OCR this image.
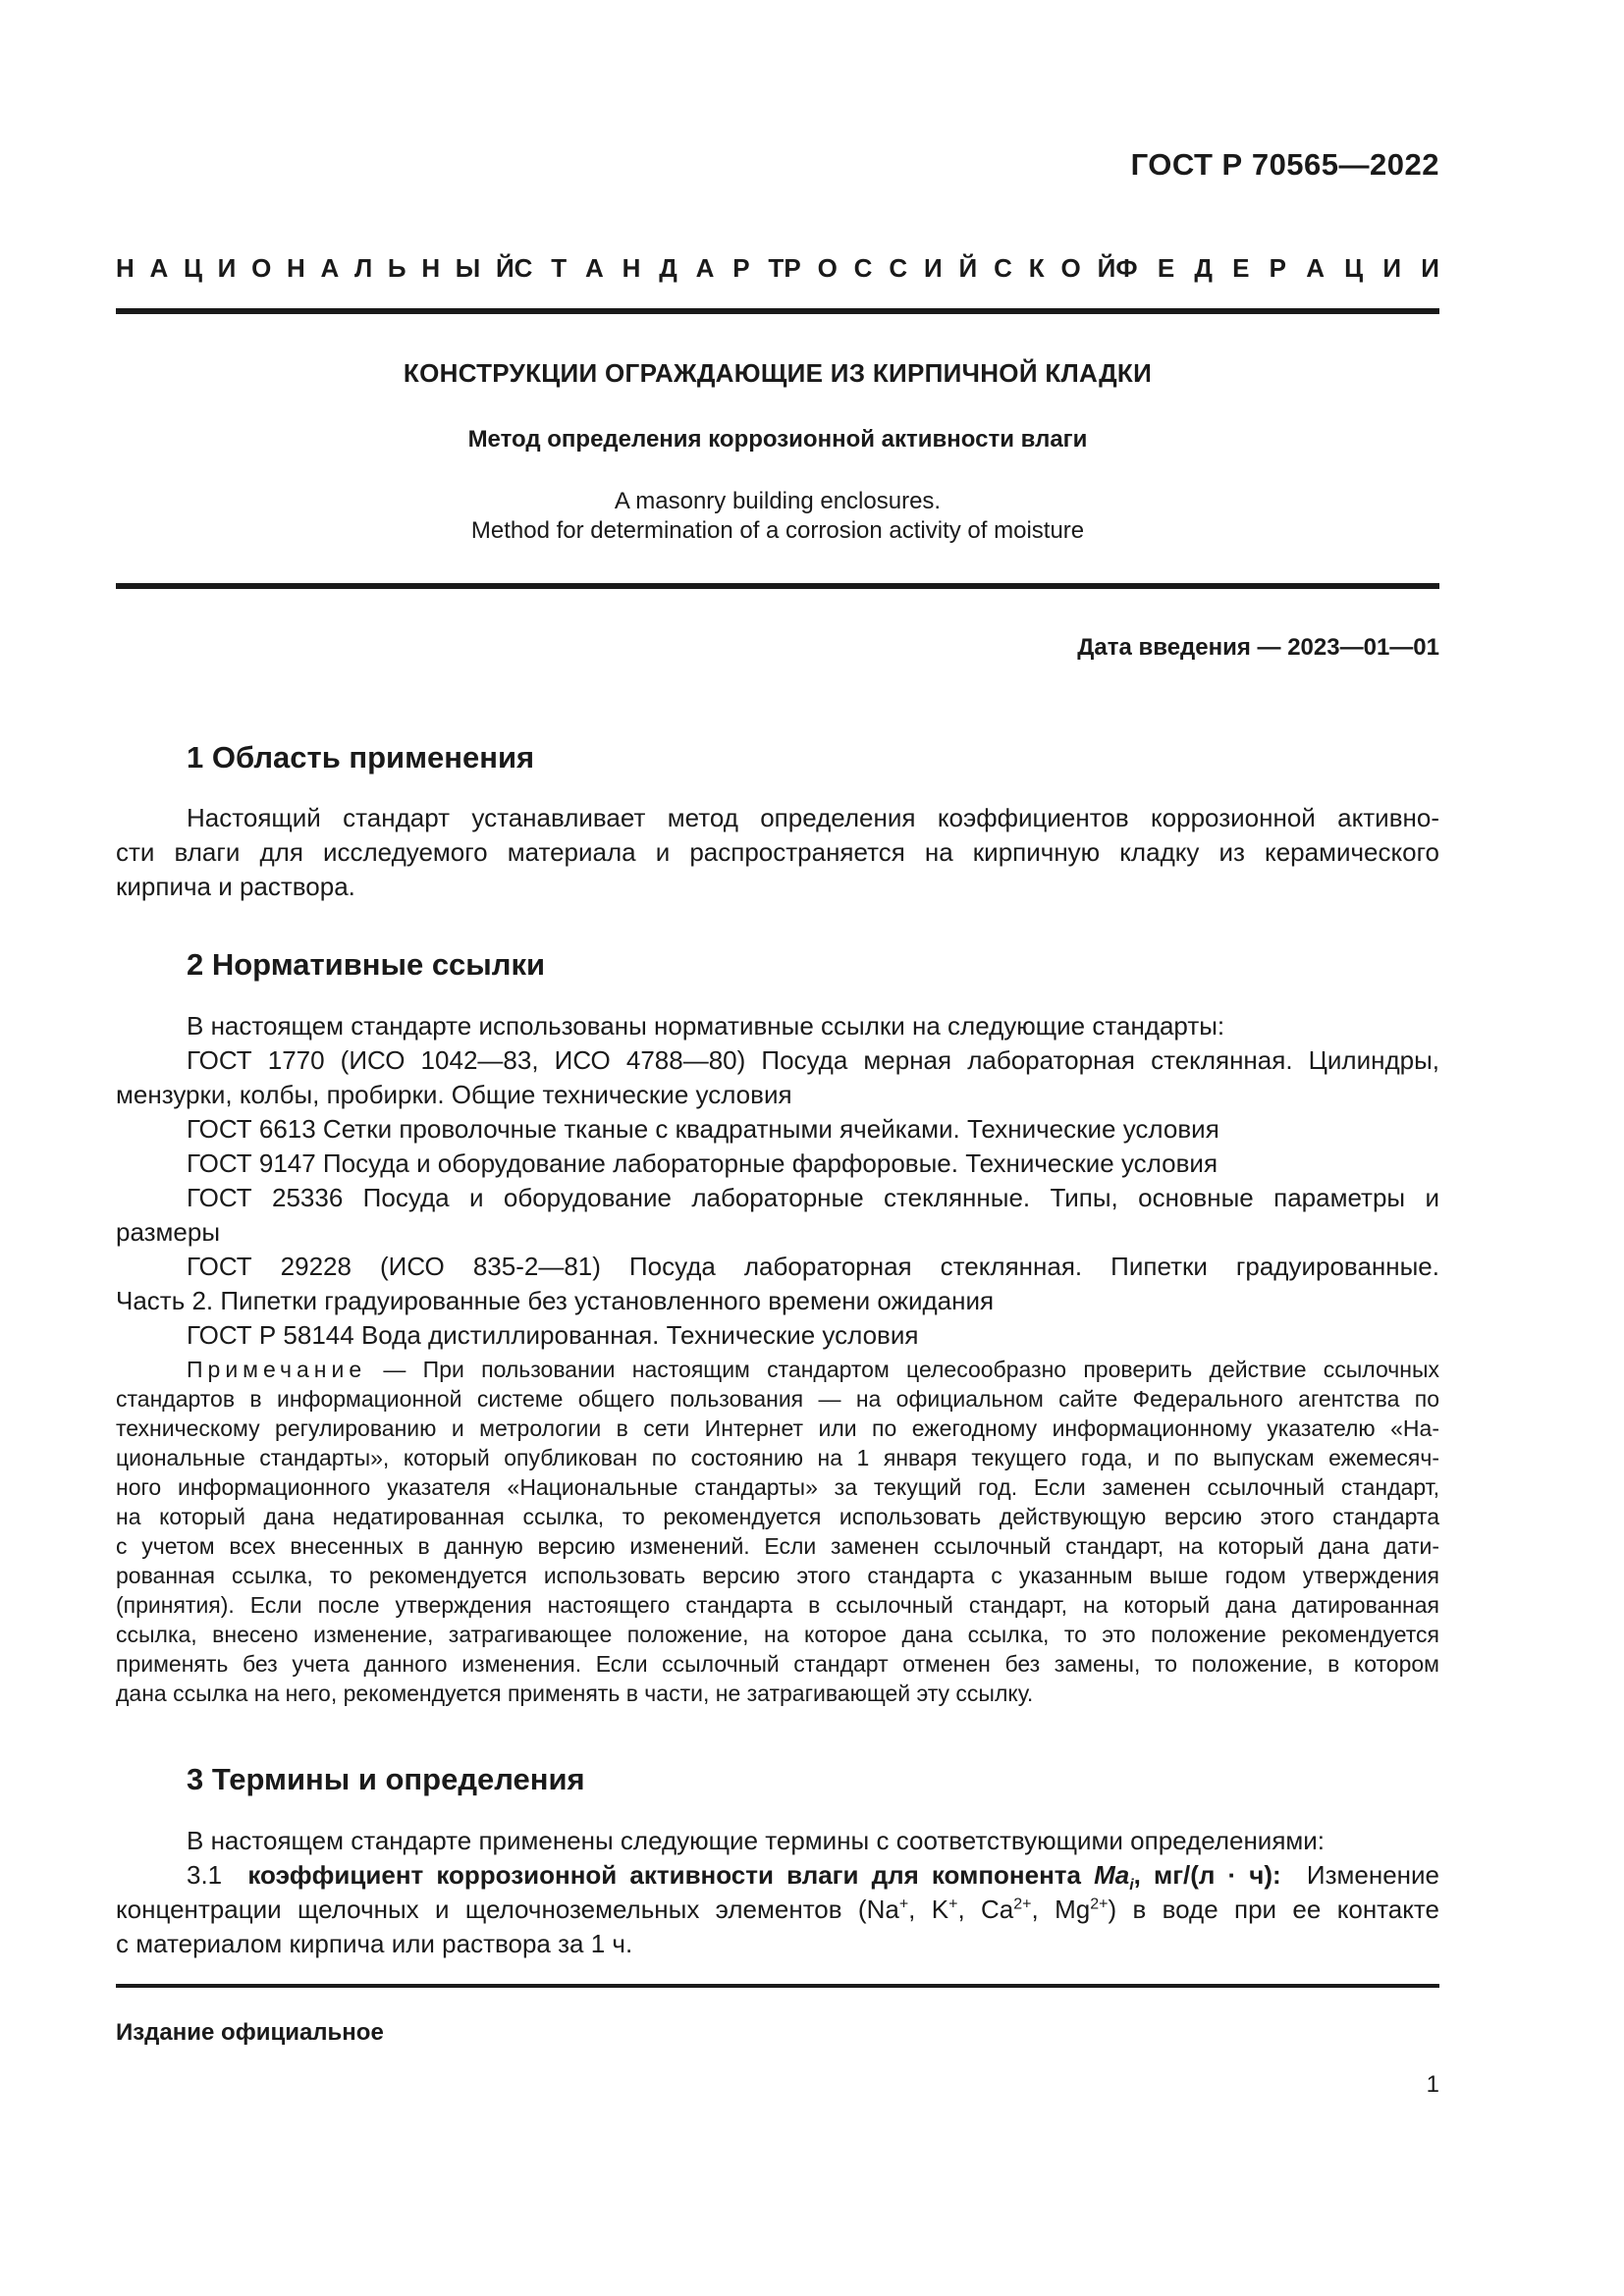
ГОСТ Р 70565—2022
Н А Ц И О Н А Л Ь Н Ы Й С Т А Н Д А Р Т Р О С С И Й С К О Й Ф Е Д Е Р А Ц И И
КОНСТРУКЦИИ ОГРАЖДАЮЩИЕ ИЗ КИРПИЧНОЙ КЛАДКИ
Метод определения коррозионной активности влаги
A masonry building enclosures.
Method for determination of a corrosion activity of moisture
Дата введения — 2023—01—01
1 Область применения
Настоящий стандарт устанавливает метод определения коэффициентов коррозионной активно-
сти влаги для исследуемого материала и распространяется на кирпичную кладку из керамического
кирпича и раствора.
2 Нормативные ссылки
В настоящем стандарте использованы нормативные ссылки на следующие стандарты:
ГОСТ 1770 (ИСО 1042—83, ИСО 4788—80) Посуда мерная лабораторная стеклянная. Цилиндры,
мензурки, колбы, пробирки. Общие технические условия
ГОСТ 6613 Сетки проволочные тканые с квадратными ячейками. Технические условия
ГОСТ 9147 Посуда и оборудование лабораторные фарфоровые. Технические условия
ГОСТ 25336 Посуда и оборудование лабораторные стеклянные. Типы, основные параметры и
размеры
ГОСТ 29228 (ИСО 835-2—81) Посуда лабораторная стеклянная. Пипетки градуированные.
Часть 2. Пипетки градуированные без установленного времени ожидания
ГОСТ Р 58144 Вода дистиллированная. Технические условия
Примечание — При пользовании настоящим стандартом целесообразно проверить действие ссылочных
стандартов в информационной системе общего пользования — на официальном сайте Федерального агентства по
техническому регулированию и метрологии в сети Интернет или по ежегодному информационному указателю «На-
циональные стандарты», который опубликован по состоянию на 1 января текущего года, и по выпускам ежемесяч-
ного информационного указателя «Национальные стандарты» за текущий год. Если заменен ссылочный стандарт,
на который дана недатированная ссылка, то рекомендуется использовать действующую версию этого стандарта
с учетом всех внесенных в данную версию изменений. Если заменен ссылочный стандарт, на который дана дати-
рованная ссылка, то рекомендуется использовать версию этого стандарта с указанным выше годом утверждения
(принятия). Если после утверждения настоящего стандарта в ссылочный стандарт, на который дана датированная
ссылка, внесено изменение, затрагивающее положение, на которое дана ссылка, то это положение рекомендуется
применять без учета данного изменения. Если ссылочный стандарт отменен без замены, то положение, в котором
дана ссылка на него, рекомендуется применять в части, не затрагивающей эту ссылку.
3 Термины и определения
В настоящем стандарте применены следующие термины с соответствующими определениями:
3.1 коэффициент коррозионной активности влаги для компонента $Ma_i$, мг/(л · ч): Изменение
концентрации щелочных и щелочноземельных элементов (Na+, K+, $Ca^{2+}$, $Mg^{2+}$) в воде при ее контакте
с материалом кирпича или раствора за 1 ч.
Издание официальное
1
